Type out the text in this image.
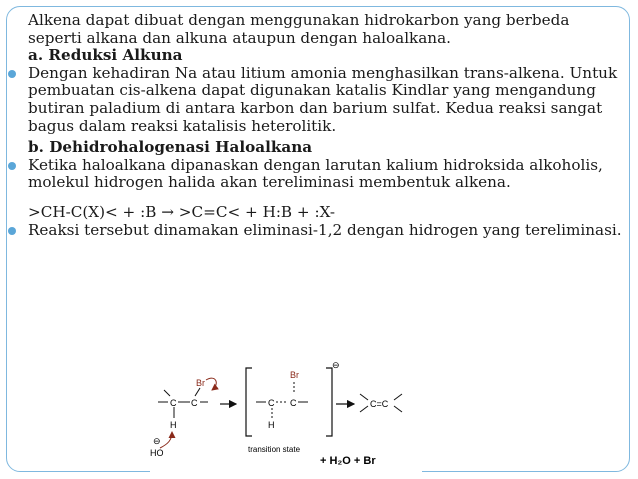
Alkena dapat dibuat dengan menggunakan hidrokarbon yang berbeda seperti alkana dan alkuna ataupun dengan haloalkana.

a. Reduksi Alkuna

Dengan kehadiran Na atau litium amonia menghasilkan trans-alkena. Untuk pembuatan cis-alkena dapat digunakan katalis Kindlar yang mengandung butiran paladium di antara karbon dan barium sulfat. Kedua reaksi sangat bagus dalam reaksi katalisis heterolitik.

b. Dehidrohalogenasi Haloalkana

Ketika haloalkana dipanaskan dengan larutan kalium hidroksida alkoholis, molekul hidrogen halida akan tereliminasi membentuk alkena.

>CH-C(X)< + :B → >C=C< + H:B + :X-

Reaksi tersebut dinamakan eliminasi-1,2 dengan hidrogen yang tereliminasi.

C C
Br
H
HO
⊖
Br
C C
H
⊖
transition state
C=C
+ H₂O + Br
